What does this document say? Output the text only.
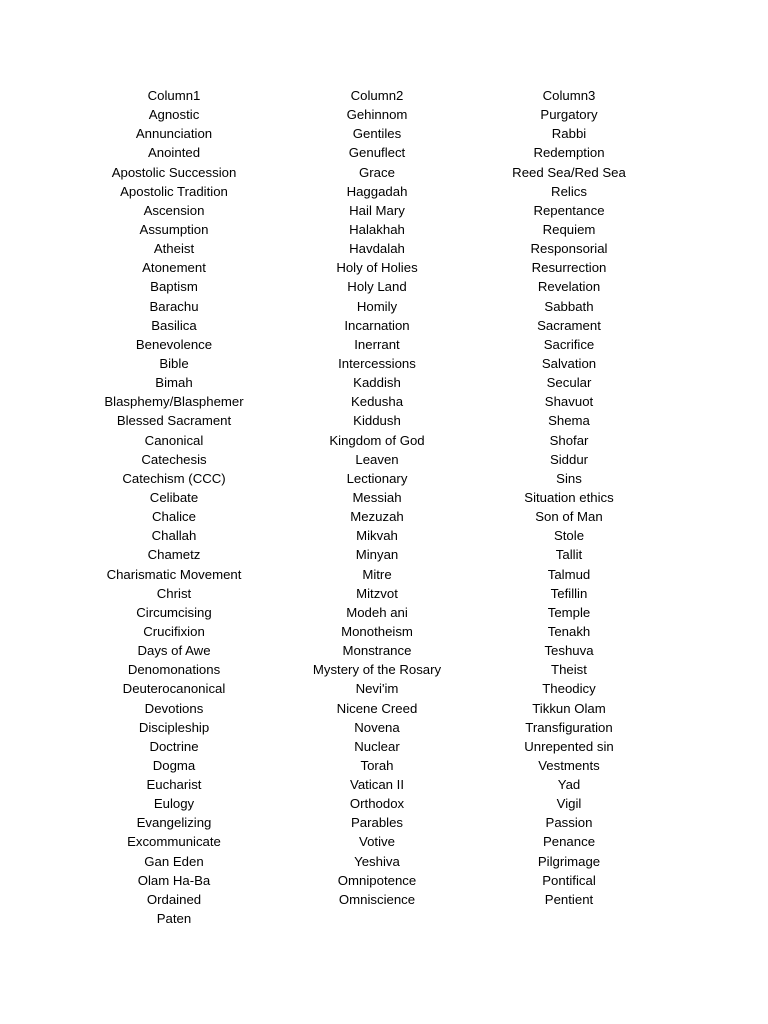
Column1
Agnostic
Annunciation
Anointed
Apostolic Succession
Apostolic Tradition
Ascension
Assumption
Atheist
Atonement
Baptism
Barachu
Basilica
Benevolence
Bible
Bimah
Blasphemy/Blasphemer
Blessed Sacrament
Canonical
Catechesis
Catechism (CCC)
Celibate
Chalice
Challah
Chametz
Charismatic Movement
Christ
Circumcising
Crucifixion
Days of Awe
Denomonations
Deuterocanonical
Devotions
Discipleship
Doctrine
Dogma
Eucharist
Eulogy
Evangelizing
Excommunicate
Gan Eden
Olam Ha-Ba
Ordained
Paten
Column2
Gehinnom
Gentiles
Genuflect
Grace
Haggadah
Hail Mary
Halakhah
Havdalah
Holy of Holies
Holy Land
Homily
Incarnation
Inerrant
Intercessions
Kaddish
Kedusha
Kiddush
Kingdom of God
Leaven
Lectionary
Messiah
Mezuzah
Mikvah
Minyan
Mitre
Mitzvot
Modeh ani
Monotheism
Monstrance
Mystery of the Rosary
Nevi'im
Nicene Creed
Novena
Nuclear
Torah
Vatican II
Orthodox
Parables
Votive
Yeshiva
Omnipotence
Omniscience
Column3
Purgatory
Rabbi
Redemption
Reed Sea/Red Sea
Relics
Repentance
Requiem
Responsorial
Resurrection
Revelation
Sabbath
Sacrament
Sacrifice
Salvation
Secular
Shavuot
Shema
Shofar
Siddur
Sins
Situation ethics
Son of Man
Stole
Tallit
Talmud
Tefillin
Temple
Tenakh
Teshuva
Theist
Theodicy
Tikkun Olam
Transfiguration
Unrepented sin
Vestments
Yad
Vigil
Passion
Penance
Pilgrimage
Pontifical
Pentient
